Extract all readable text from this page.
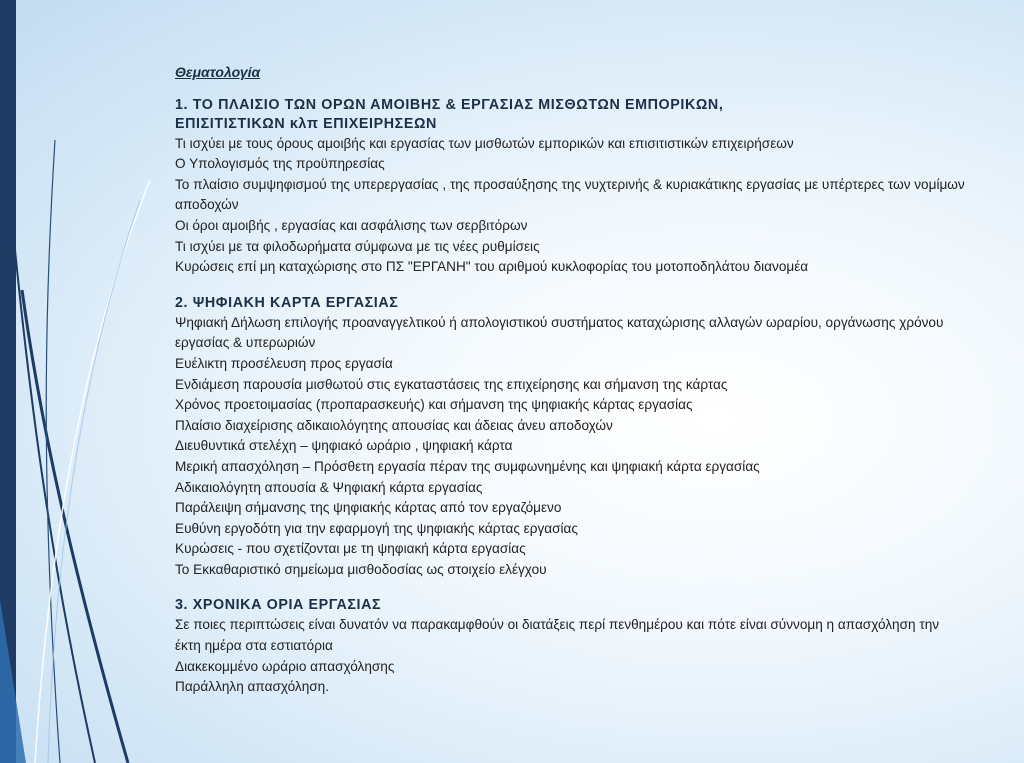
Θεματολογία
1. ΤΟ ΠΛΑΙΣΙΟ ΤΩΝ ΟΡΩΝ ΑΜΟΙΒΗΣ & ΕΡΓΑΣΙΑΣ ΜΙΣΘΩΤΩΝ ΕΜΠΟΡΙΚΩΝ,
ΕΠΙΣΙΤΙΣΤΙΚΩΝ κλπ ΕΠΙΧΕΙΡΗΣΕΩΝ
Τι ισχύει με τους όρους αμοιβής και εργασίας των μισθωτών εμπορικών και επισιτιστικών επιχειρήσεων
Ο Υπολογισμός της προϋπηρεσίας
Το πλαίσιο συμψηφισμού της υπερεργασίας , της προσαύξησης της νυχτερινής & κυριακάτικης εργασίας με υπέρτερες των νομίμων αποδοχών
Οι όροι αμοιβής , εργασίας και ασφάλισης των σερβιτόρων
Τι ισχύει με τα φιλοδωρήματα σύμφωνα με τις νέες ρυθμίσεις
Κυρώσεις επί μη καταχώρισης στο ΠΣ "ΕΡΓΑΝΗ" του αριθμού κυκλοφορίας του μοτοποδηλάτου διανομέα
2. ΨΗΦΙΑΚΗ ΚΑΡΤΑ ΕΡΓΑΣΙΑΣ
Ψηφιακή Δήλωση επιλογής προαναγγελτικού ή απολογιστικού συστήματος καταχώρισης αλλαγών ωραρίου, οργάνωσης χρόνου εργασίας & υπερωριών
Ευέλικτη προσέλευση προς εργασία
Ενδιάμεση παρουσία μισθωτού στις εγκαταστάσεις της επιχείρησης και σήμανση της κάρτας
Χρόνος προετοιμασίας (προπαρασκευής) και σήμανση της ψηφιακής κάρτας εργασίας
Πλαίσιο διαχείρισης αδικαιολόγητης απουσίας και άδειας άνευ αποδοχών
Διευθυντικά στελέχη – ψηφιακό ωράριο , ψηφιακή κάρτα
Μερική απασχόληση – Πρόσθετη εργασία πέραν της συμφωνημένης και ψηφιακή κάρτα εργασίας
Αδικαιολόγητη απουσία & Ψηφιακή κάρτα εργασίας
Παράλειψη σήμανσης της ψηφιακής κάρτας από τον εργαζόμενο
Ευθύνη εργοδότη για την εφαρμογή της ψηφιακής κάρτας εργασίας
Κυρώσεις - που σχετίζονται με τη ψηφιακή κάρτα εργασίας
Το Εκκαθαριστικό σημείωμα μισθοδοσίας ως στοιχείο ελέγχου
3. ΧΡΟΝΙΚΑ ΟΡΙΑ ΕΡΓΑΣΙΑΣ
Σε ποιες περιπτώσεις είναι δυνατόν να παρακαμφθούν οι διατάξεις περί πενθημέρου και πότε είναι σύννομη η απασχόληση την έκτη ημέρα στα εστιατόρια
Διακεκομμένο ωράριο απασχόλησης
Παράλληλη απασχόληση.
